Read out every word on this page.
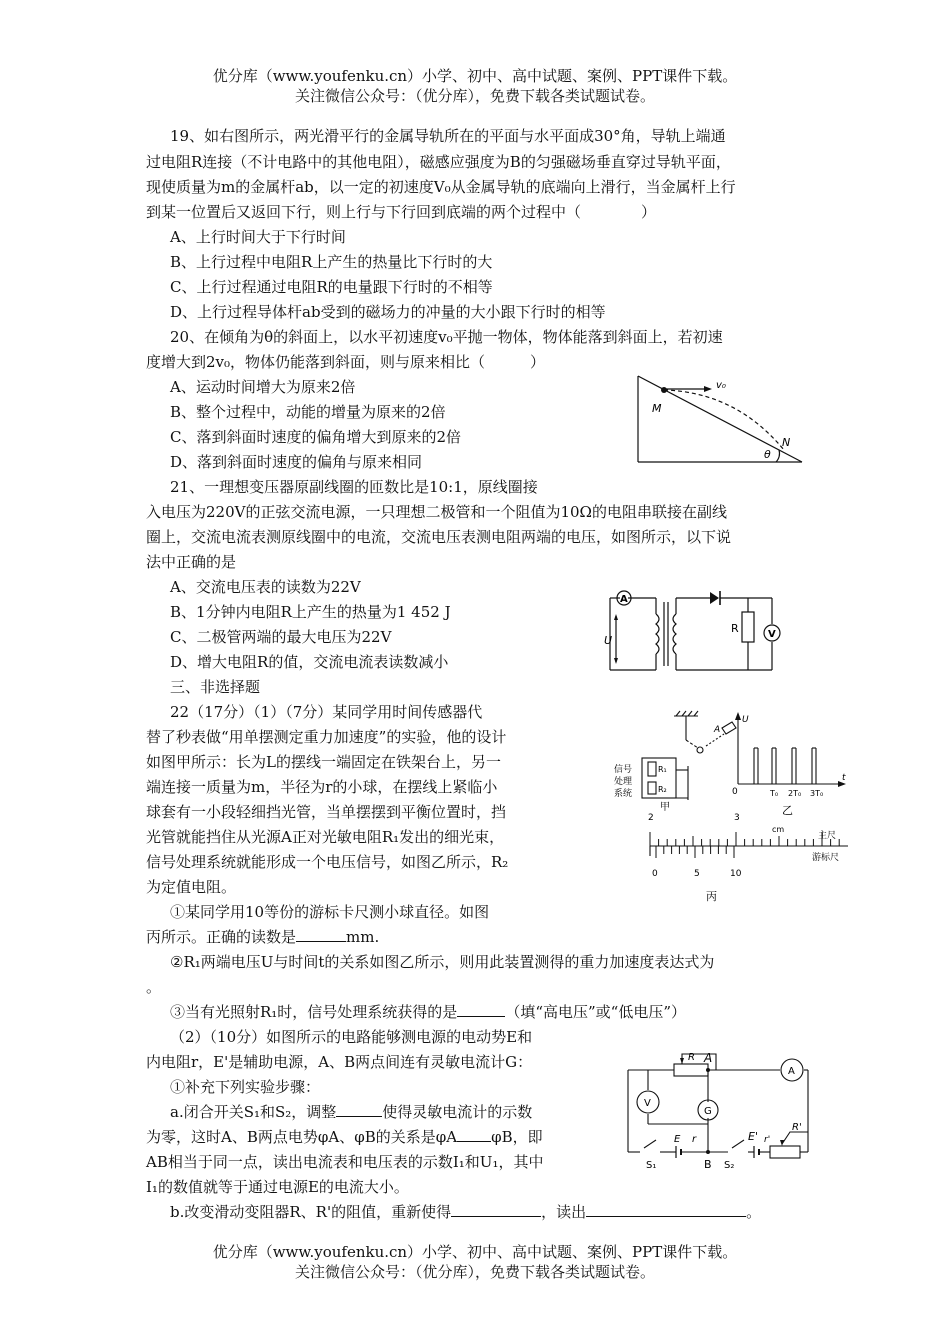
优分库（www.youfenku.cn）小学、初中、高中试题、案例、PPT课件下载。
关注微信公众号：（优分库），免费下载各类试题试卷。
19、如右图所示，两光滑平行的金属导轨所在的平面与水平面成30°角，导轨上端通
过电阻R连接（不计电路中的其他电阻），磁感应强度为B的匀强磁场垂直穿过导轨平面，
现使质量为m的金属杆ab，以一定的初速度V₀从金属导轨的底端向上滑行，当金属杆上行
到某一位置后又返回下行，则上行与下行回到底端的两个过程中（　　　　）
A、上行时间大于下行时间
B、上行过程中电阻R上产生的热量比下行时的大
C、上行过程通过电阻R的电量跟下行时的不相等
D、上行过程导体杆ab受到的磁场力的冲量的大小跟下行时的相等
20、在倾角为θ的斜面上，以水平初速度v₀平抛一物体，物体能落到斜面上，若初速
度增大到2v₀，物体仍能落到斜面，则与原来相比（　　　）
A、运动时间增大为原来2倍
B、整个过程中，动能的增量为原来的2倍
C、落到斜面时速度的偏角增大到原来的2倍
D、落到斜面时速度的偏角与原来相同
v₀
M
N
θ
21、一理想变压器原副线圈的匝数比是10:1，原线圈接
入电压为220V的正弦交流电源，一只理想二极管和一个阻值为10Ω的电阻串联接在副线
圈上，交流电流表测原线圈中的电流，交流电压表测电阻两端的电压，如图所示，以下说
法中正确的是
A、交流电压表的读数为22V
B、1分钟内电阻R上产生的热量为1 452 J
C、二极管两端的最大电压为22V
D、增大电阻R的值，交流电流表读数减小
A
U
R	V
三、非选择题
22（17分）（1）（7分）某同学用时间传感器代
替了秒表做“用单摆测定重力加速度”的实验，他的设计
如图甲所示：长为L的摆线一端固定在铁架台上，另一
端连接一质量为m，半径为r的小球，在摆线上紧临小
球套有一小段轻细挡光管，当单摆摆到平衡位置时，挡
光管就能挡住从光源A正对光敏电阻R₁发出的细光束，
信号处理系统就能形成一个电压信号，如图乙所示，R₂
为定值电阻。
①某同学用10等份的游标卡尺测小球直径。如图
丙所示。正确的读数是	mm.
②R₁两端电压U与时间t的关系如图乙所示，则用此装置测得的重力加速度表达式为
。
③当有光照射R₁时，信号处理系统获得的是	（填“高电压”或“低电压”）
（2）（10分）如图所示的电路能够测电源的电动势E和
内电阻r，E'是辅助电源，A、B两点间连有灵敏电流计G：
①补充下列实验步骤：
a.闭合开关S₁和S₂，调整	使得灵敏电流计的示数
为零，这时A、B两点电势φA、φB的关系是φA φB，即
AB相当于同一点，读出电流表和电压表的示数I₁和U₁，其中
I₁的数值就等于通过电源E的电流大小。
b.改变滑动变阻器R、R'的阻值，重新使得	，读出	。
信号
处理
系统
R₁
R₂
甲
A
U
t
0	T₀ 2T₀ 3T₀
乙
2	3
cm
主尺
游标尺
0	5	10
丙
R A
A
V
G
E r	E'
R'
r'
S₁	B S₂
优分库（www.youfenku.cn）小学、初中、高中试题、案例、PPT课件下载。
关注微信公众号：（优分库），免费下载各类试题试卷。
